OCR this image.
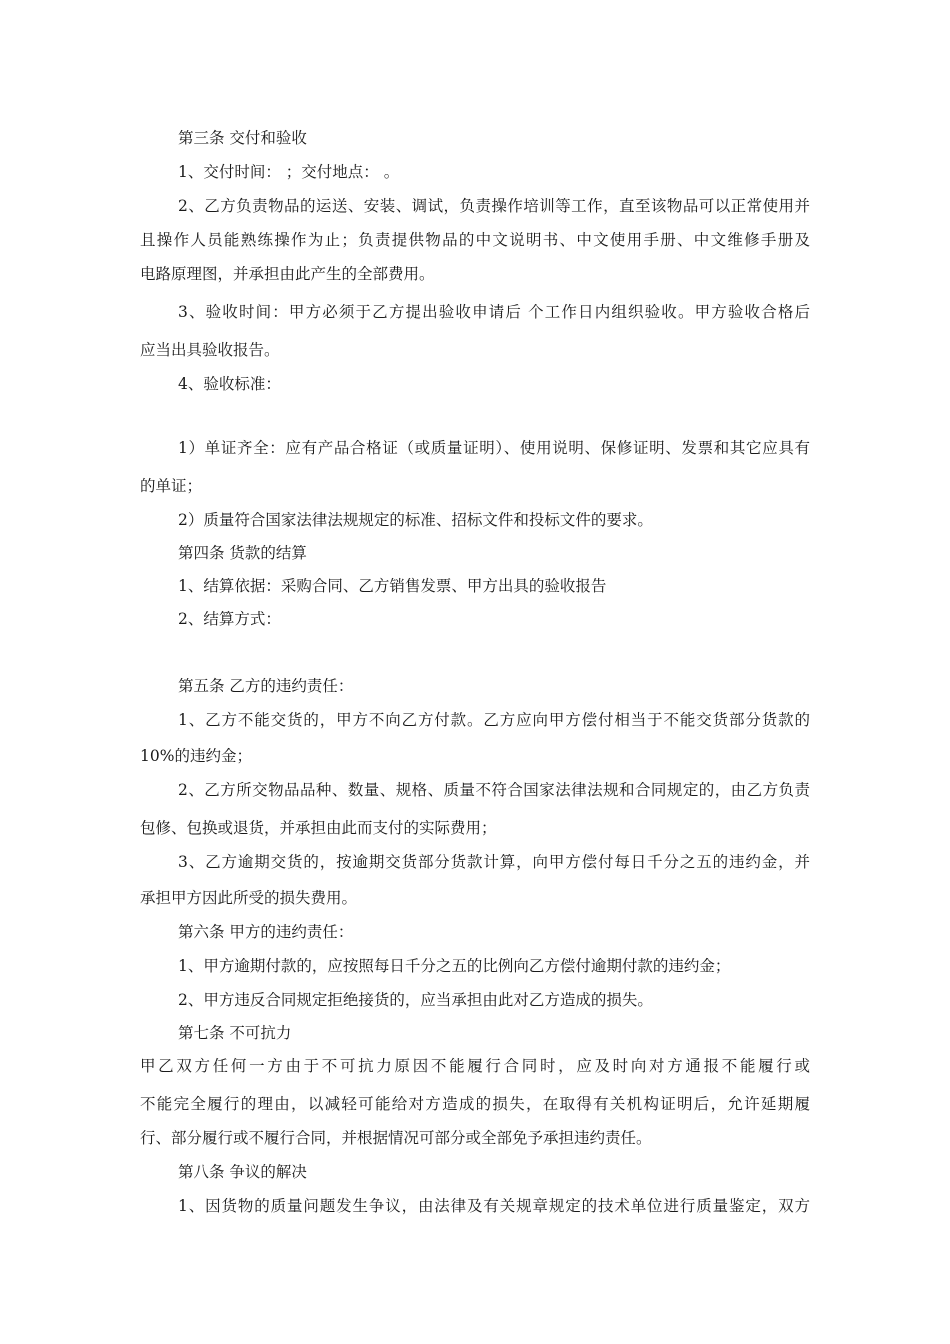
第三条 交付和验收
1、交付时间： ；交付地点： 。
2、乙方负责物品的运送、安装、调试，负责操作培训等工作，直至该物品可以正常使用并
且操作人员能熟练操作为止；负责提供物品的中文说明书、中文使用手册、中文维修手册及
电路原理图，并承担由此产生的全部费用。
3、验收时间：甲方必须于乙方提出验收申请后 个工作日内组织验收。甲方验收合格后
应当出具验收报告。
4、验收标准：
1）单证齐全：应有产品合格证（或质量证明）、使用说明、保修证明、发票和其它应具有
的单证；
2）质量符合国家法律法规规定的标准、招标文件和投标文件的要求。
第四条 货款的结算
1、结算依据：采购合同、乙方销售发票、甲方出具的验收报告
2、结算方式：
第五条 乙方的违约责任：
1、乙方不能交货的，甲方不向乙方付款。乙方应向甲方偿付相当于不能交货部分货款的
10%的违约金；
2、乙方所交物品品种、数量、规格、质量不符合国家法律法规和合同规定的，由乙方负责
包修、包换或退货，并承担由此而支付的实际费用；
3、乙方逾期交货的，按逾期交货部分货款计算，向甲方偿付每日千分之五的违约金，并
承担甲方因此所受的损失费用。
第六条 甲方的违约责任：
1、甲方逾期付款的，应按照每日千分之五的比例向乙方偿付逾期付款的违约金；
2、甲方违反合同规定拒绝接货的，应当承担由此对乙方造成的损失。
第七条 不可抗力
甲乙双方任何一方由于不可抗力原因不能履行合同时，应及时向对方通报不能履行或
不能完全履行的理由，以减轻可能给对方造成的损失，在取得有关机构证明后，允许延期履
行、部分履行或不履行合同，并根据情况可部分或全部免予承担违约责任。
第八条 争议的解决
1、因货物的质量问题发生争议，由法律及有关规章规定的技术单位进行质量鉴定，双方
